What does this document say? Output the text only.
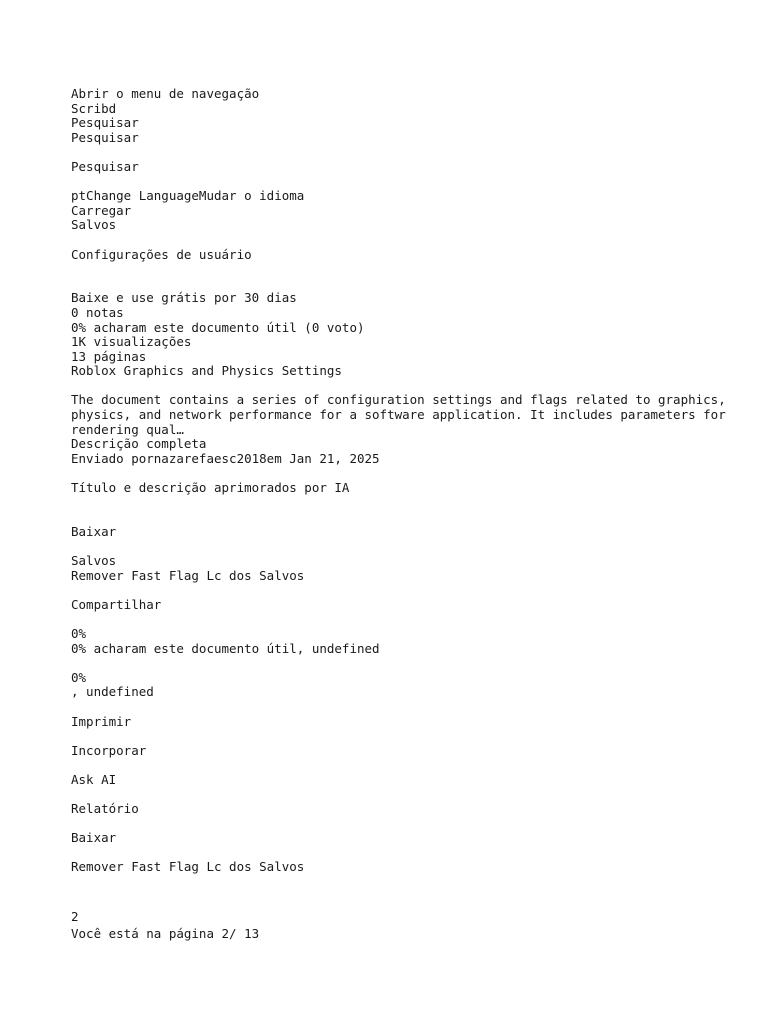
Abrir o menu de navegação
Scribd
Pesquisar
Pesquisar
Pesquisar
ptChange LanguageMudar o idioma
Carregar
Salvos
Configurações de usuário
Baixe e use grátis por 30 dias
0 notas
0% acharam este documento útil (0 voto)
1K visualizações
13 páginas
Roblox Graphics and Physics Settings
The document contains a series of configuration settings and flags related to graphics, physics, and network performance for a software application. It includes parameters for rendering qual…
Descrição completa
Enviado pornazarefaesc2018em Jan 21, 2025
Título e descrição aprimorados por IA
Baixar
Salvos
Remover Fast Flag Lc dos Salvos
Compartilhar
0%
0% acharam este documento útil, undefined
0%
, undefined
Imprimir
Incorporar
Ask AI
Relatório
Baixar
Remover Fast Flag Lc dos Salvos
2
Você está na página 2/ 13
